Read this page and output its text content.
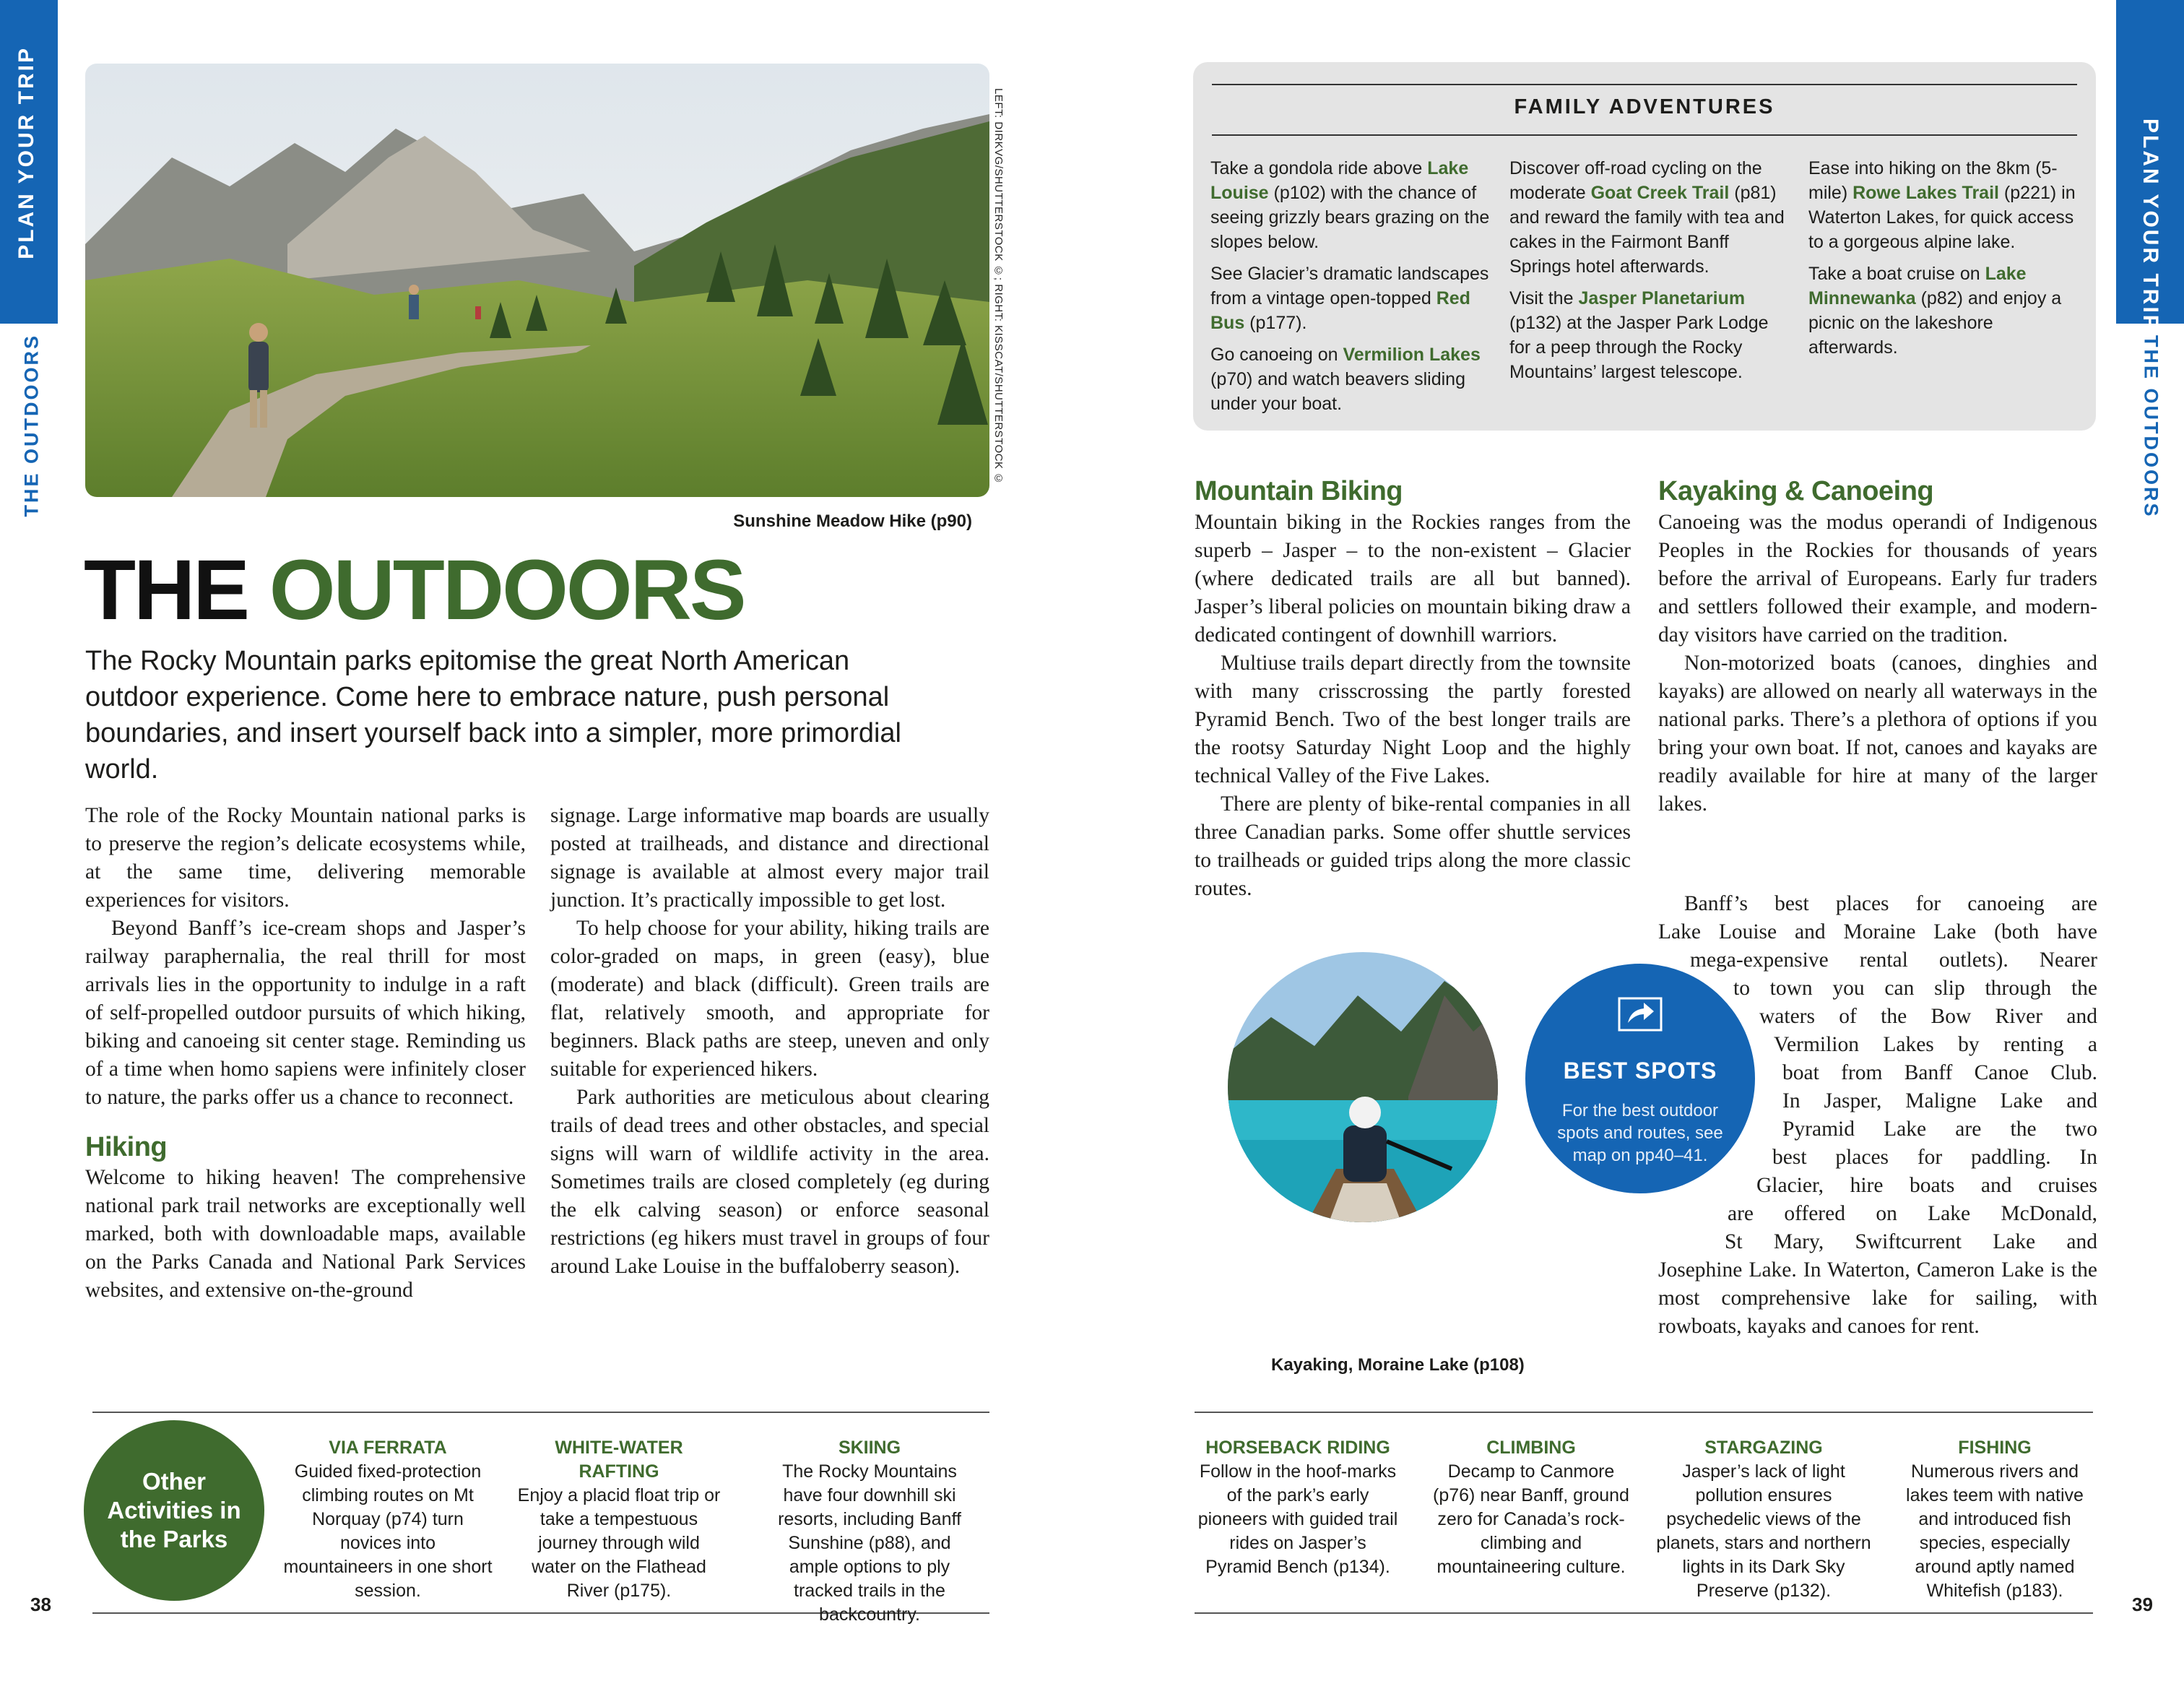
PLAN YOUR TRIP
THE OUTDOORS	LEFT: DIRKVG/SHUTTERSTOCK ©; RIGHT: KISSCAT/SHUTTERSTOCK ©
Sunshine Meadow Hike (p90)
THE OUTDOORS
The Rocky Mountain parks epitomise the great North American outdoor experience. Come here to embrace nature, push personal boundaries, and insert yourself back into a simpler, more primordial world.

The role of the Rocky Mountain national parks is to preserve the region’s delicate ecosystems while, at the same time, delivering memorable experiences for visitors.

Beyond Banff’s ice-cream shops and Jasper’s railway paraphernalia, the real thrill for most arrivals lies in the opportunity to indulge in a raft of self-propelled outdoor pursuits of which hiking, biking and canoeing sit center stage. Reminding us of a time when homo sapiens were infinitely closer to nature, the parks offer us a chance to reconnect.

Hiking

Welcome to hiking heaven! The comprehensive national park trail networks are exceptionally well marked, both with downloadable maps, available on the Parks Canada and National Park Services websites, and extensive on-the-ground

signage. Large informative map boards are usually posted at trailheads, and distance and directional signage is available at almost every major trail junction. It’s practically impossible to get lost.

To help choose for your ability, hiking trails are color-graded on maps, in green (easy), blue (moderate) and black (difficult). Green trails are flat, relatively smooth, and appropriate for beginners. Black paths are steep, uneven and only suitable for experienced hikers.

Park authorities are meticulous about clearing trails of dead trees and other obstacles, and special signs will warn of wildlife activity in the area. Sometimes trails are closed completely (eg during the elk calving season) or enforce seasonal restrictions (eg hikers must travel in groups of four around Lake Louise in the buffaloberry season).

Other Activities in the Parks
VIA FERRATA
Guided fixed-protection climbing routes on Mt Norquay (p74) turn novices into mountaineers in one short session.
WHITE-WATER RAFTING
Enjoy a placid float trip or take a tempestuous journey through wild water on the Flathead River (p175).
SKIING
The Rocky Mountains have four downhill ski resorts, including Banff Sunshine (p88), and ample options to ply tracked trails in the backcountry.
38
PLAN YOUR TRIP
THE OUTDOORS
FAMILY ADVENTURES

Take a gondola ride above Lake Louise (p102) with the chance of seeing grizzly bears grazing on the slopes below.

See Glacier’s dramatic landscapes from a vintage open-topped Red Bus (p177).

Go canoeing on Vermilion Lakes (p70) and watch beavers sliding under your boat.

Discover off-road cycling on the moderate Goat Creek Trail (p81) and reward the family with tea and cakes in the Fairmont Banff Springs hotel afterwards.

Visit the Jasper Planetarium (p132) at the Jasper Park Lodge for a peep through the Rocky Mountains’ largest telescope.

Ease into hiking on the 8km (5-mile) Rowe Lakes Trail (p221) in Waterton Lakes, for quick access to a gorgeous alpine lake.

Take a boat cruise on Lake Minnewanka (p82) and enjoy a picnic on the lakeshore afterwards.

Mountain Biking

Mountain biking in the Rockies ranges from the superb – Jasper – to the non-existent – Glacier (where dedicated trails are all but banned). Jasper’s liberal policies on mountain biking draw a dedicated contingent of downhill warriors.

Multiuse trails depart directly from the townsite with many crisscrossing the partly forested Pyramid Bench. Two of the best longer trails are the rootsy Saturday Night Loop and the highly technical Valley of the Five Lakes.

There are plenty of bike-rental companies in all three Canadian parks. Some offer shuttle services to trailheads or guided trips along the more classic routes.

Kayaking & Canoeing

Canoeing was the modus operandi of Indigenous Peoples in the Rockies for thousands of years before the arrival of Europeans. Early fur traders and settlers followed their example, and modern-day visitors have carried on the tradition.

Non-motorized boats (canoes, dinghies and kayaks) are allowed on nearly all waterways in the national parks. There’s a plethora of options if you bring your own boat. If not, canoes and kayaks are readily available for hire at many of the larger lakes.

Banff’s best places for canoeing are
Lake Louise and Moraine Lake (both have
mega-expensive rental outlets). Nearer
to town you can slip through the
waters of the Bow River and
Vermilion Lakes by renting a
boat from Banff Canoe Club.
In Jasper, Maligne Lake and
Pyramid Lake are the two
best places for paddling. In
Glacier, hire boats and cruises
are offered on Lake McDonald,
St Mary, Swiftcurrent Lake and
Josephine Lake. In Waterton, Cameron Lake is the most comprehensive lake for sailing, with rowboats, kayaks and canoes for rent.
BEST SPOTS
For the best outdoor spots and routes, see map on pp40–41.
Kayaking, Moraine Lake (p108)
HORSEBACK RIDING
Follow in the hoof-marks of the park’s early pioneers with guided trail rides on Jasper’s Pyramid Bench (p134).
CLIMBING
Decamp to Canmore (p76) near Banff, ground zero for Canada’s rock-climbing and mountaineering culture.
STARGAZING
Jasper’s lack of light pollution ensures psychedelic views of the planets, stars and northern lights in its Dark Sky Preserve (p132).
FISHING
Numerous rivers and lakes teem with native and introduced fish species, especially around aptly named Whitefish (p183).
39
